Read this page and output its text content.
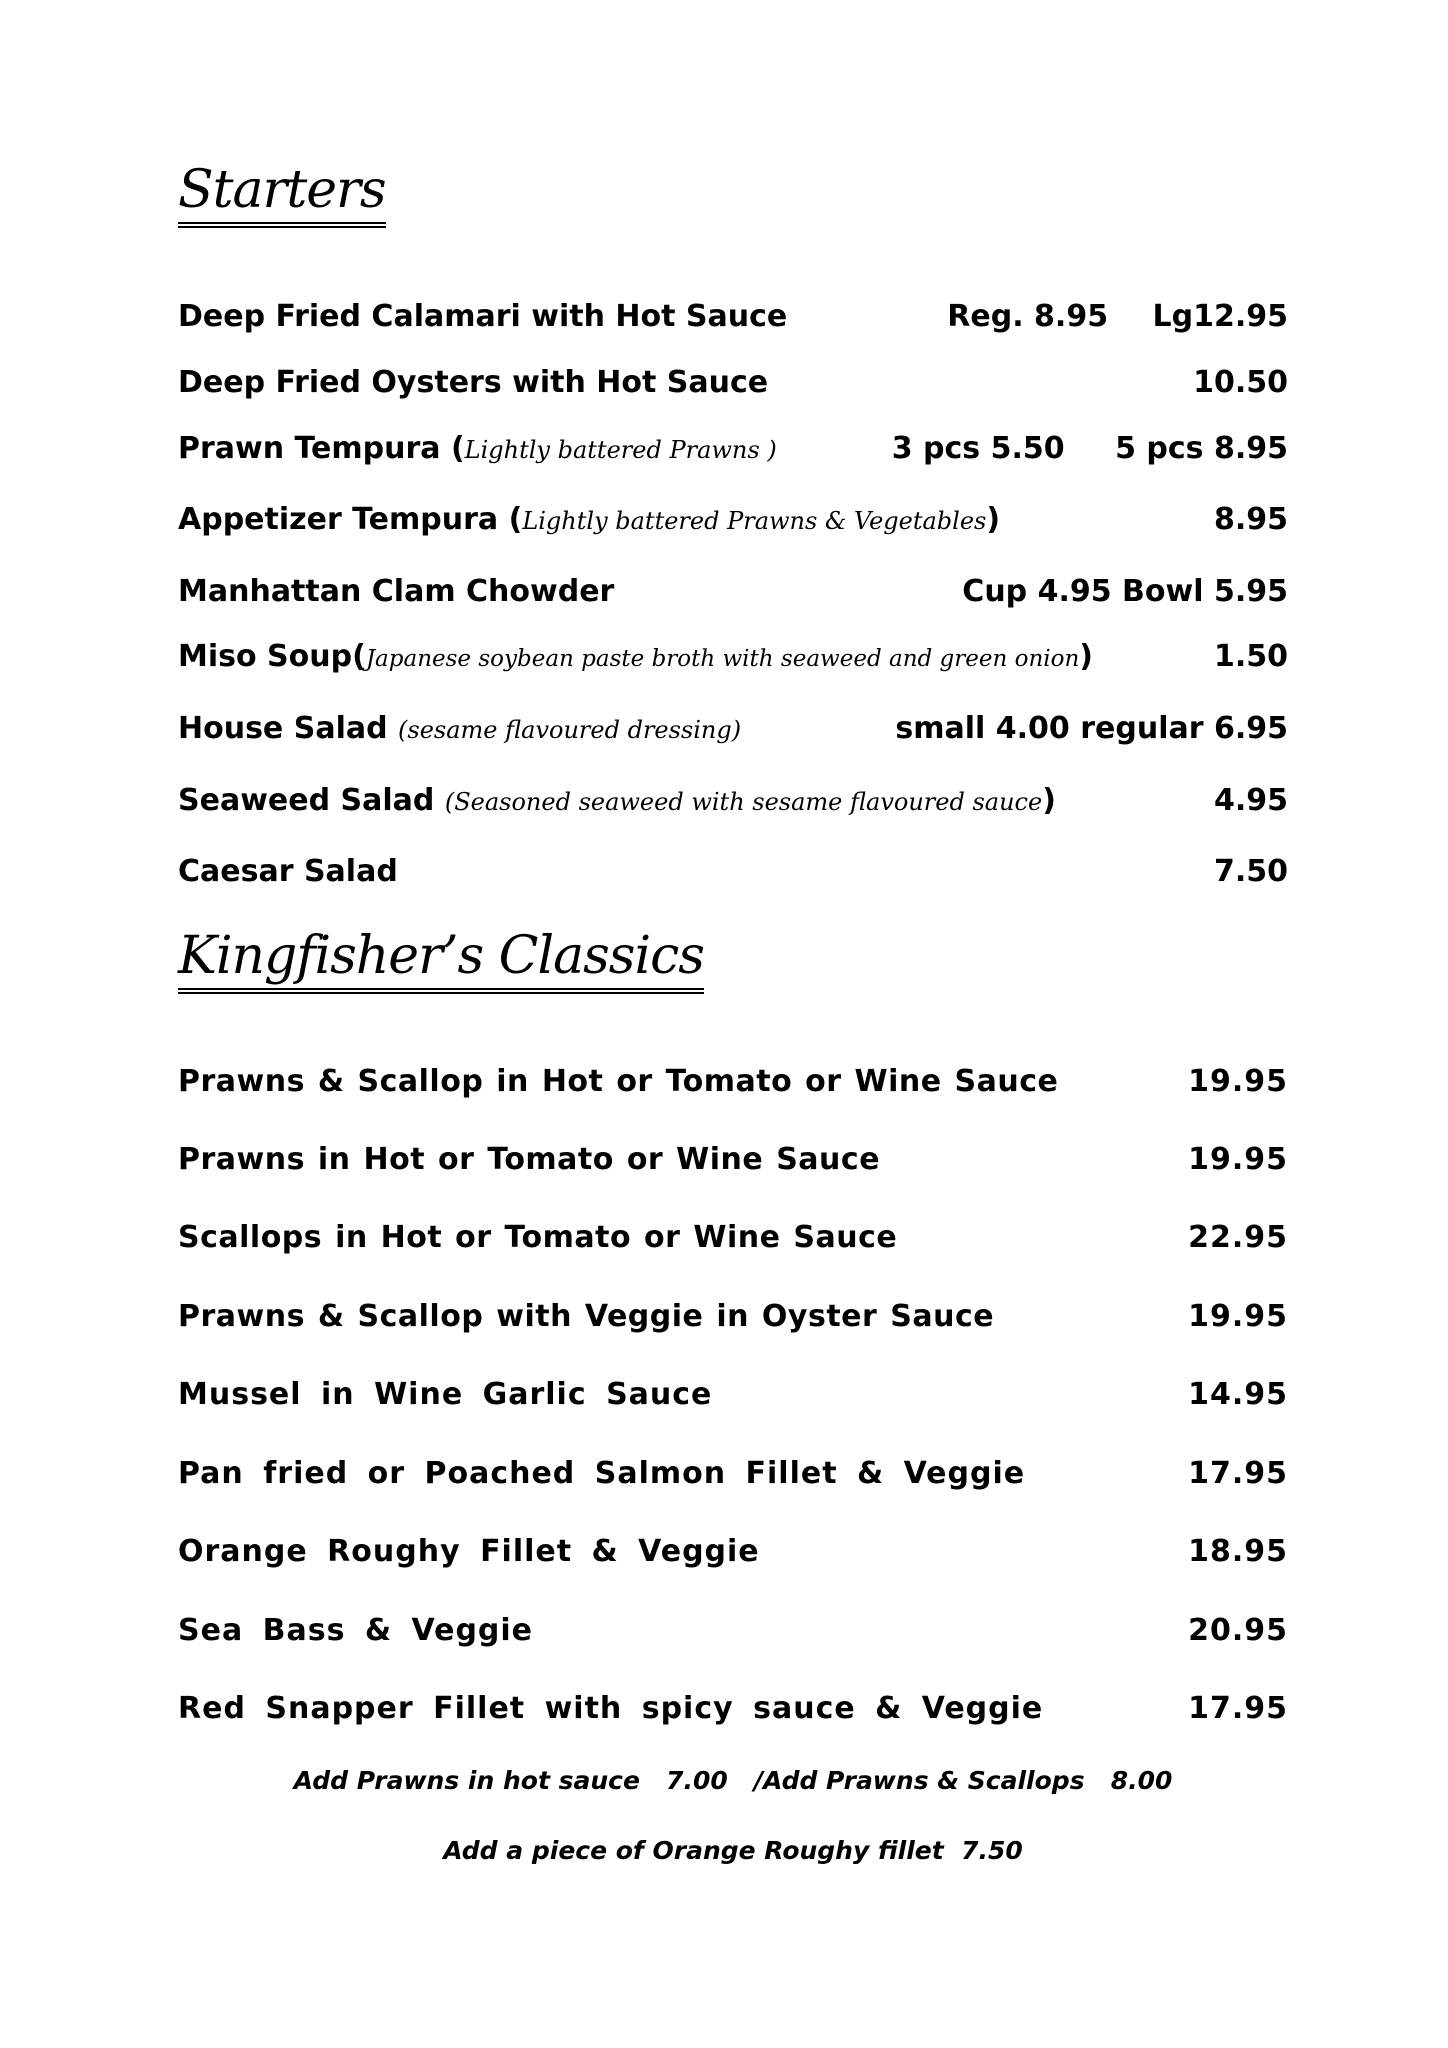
Starters
Deep Fried Calamari with Hot Sauce	Reg. 8.95 Lg12.95
Deep Fried Oysters with Hot Sauce	10.50
Prawn Tempura (Lightly battered Prawns )	3 pcs 5.50 5 pcs 8.95
Appetizer Tempura (Lightly battered Prawns & Vegetables)	8.95
Manhattan Clam Chowder	Cup 4.95 Bowl 5.95
Miso Soup(Japanese soybean paste broth with seaweed and green onion)	1.50
House Salad (sesame flavoured dressing)	small 4.00 regular 6.95
Seaweed Salad (Seasoned seaweed with sesame flavoured sauce)	4.95
Caesar Salad	7.50
Kingfisher’s Classics
Prawns & Scallop in Hot or Tomato or Wine Sauce	19.95
Prawns in Hot or Tomato or Wine Sauce	19.95
Scallops in Hot or Tomato or Wine Sauce	22.95
Prawns & Scallop with Veggie in Oyster Sauce	19.95
Mussel in Wine Garlic Sauce	14.95
Pan fried or Poached Salmon Fillet & Veggie	17.95
Orange Roughy Fillet & Veggie	18.95
Sea Bass & Veggie	20.95
Red Snapper Fillet with spicy sauce & Veggie	17.95
Add Prawns in hot sauce   7.00   /Add Prawns & Scallops   8.00
Add a piece of Orange Roughy fillet  7.50
